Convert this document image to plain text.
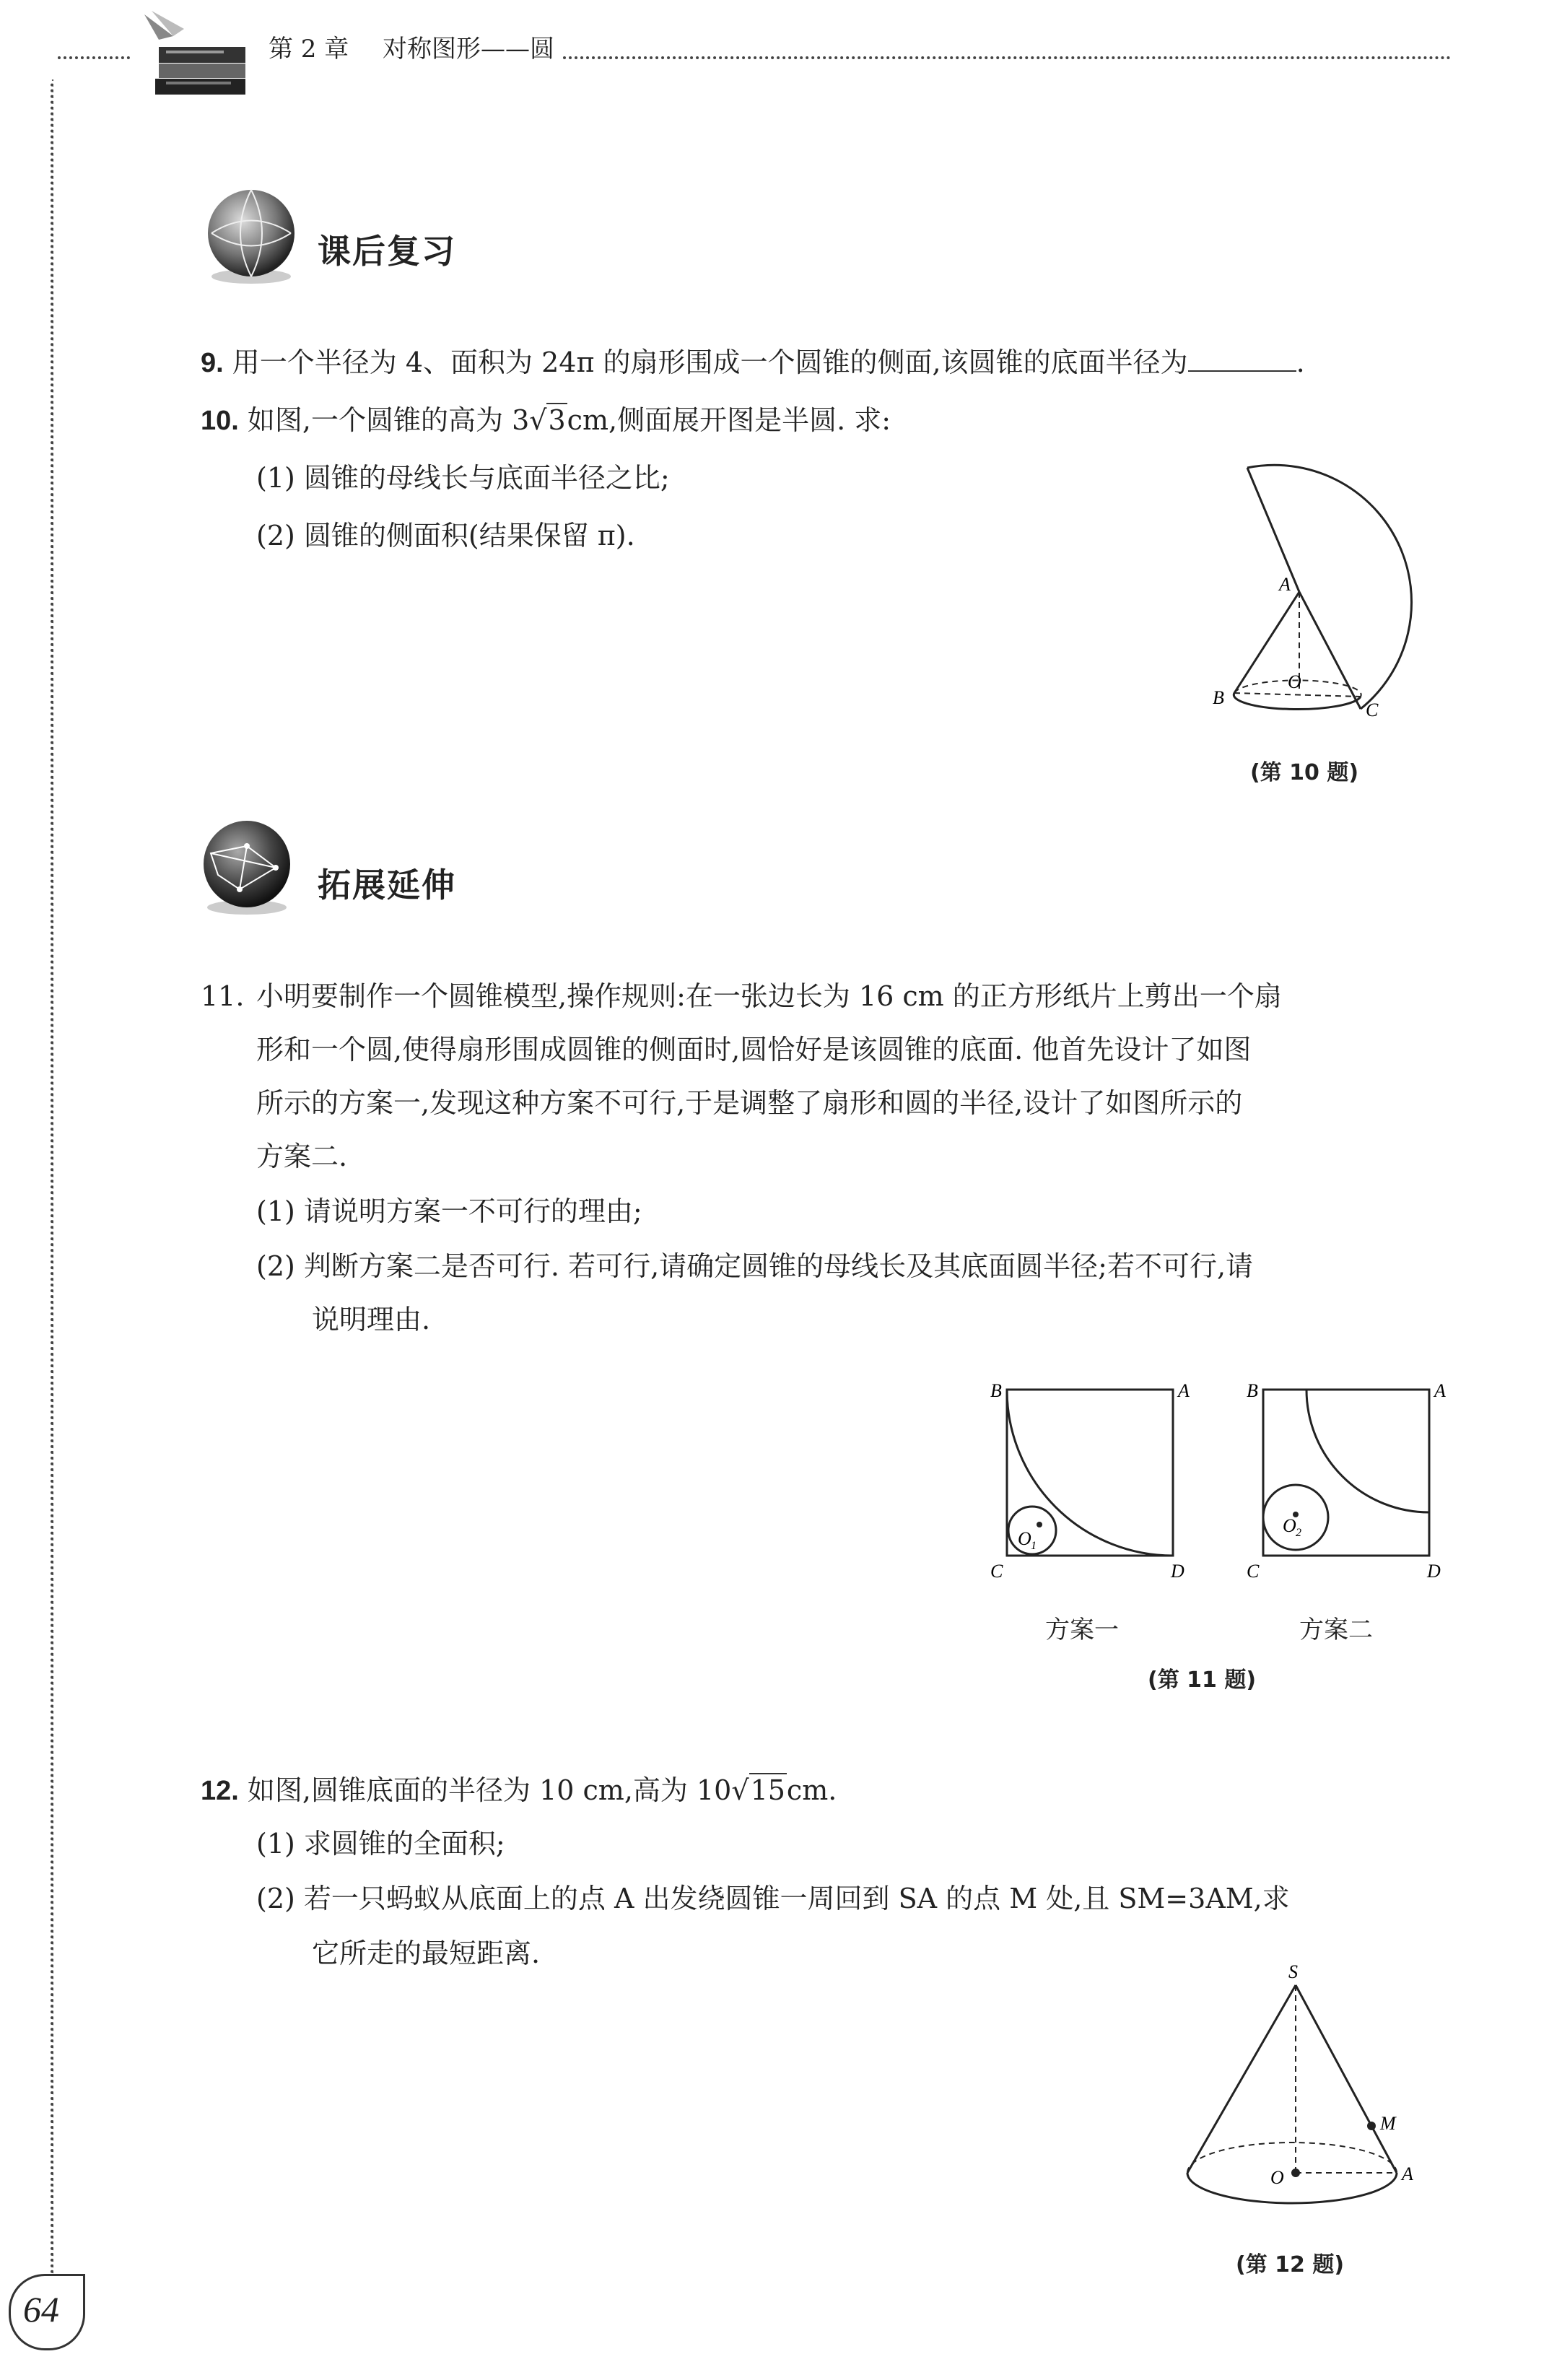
第 2 章 对称图形——圆
课后复习
9. 用一个半径为 4、面积为 24π 的扇形围成一个圆锥的侧面,该圆锥的底面半径为	.
10. 如图,一个圆锥的高为 3√3cm,侧面展开图是半圆. 求:
(1) 圆锥的母线长与底面半径之比;
(2) 圆锥的侧面积(结果保留 π).
A
B
C
O
(第 10 题)
拓展延伸
11. 小明要制作一个圆锥模型,操作规则:在一张边长为 16 cm 的正方形纸片上剪出一个扇
形和一个圆,使得扇形围成圆锥的侧面时,圆恰好是该圆锥的底面. 他首先设计了如图
所示的方案一,发现这种方案不可行,于是调整了扇形和圆的半径,设计了如图所示的
方案二.
(1) 请说明方案一不可行的理由;
(2) 判断方案二是否可行. 若可行,请确定圆锥的母线长及其底面圆半径;若不可行,请
说明理由.
B	A
C	D
O 1
B	A
C	D
O 2
方案一	方案二
(第 11 题)
12. 如图,圆锥底面的半径为 10 cm,高为 10√15cm.
(1) 求圆锥的全面积;
(2) 若一只蚂蚁从底面上的点 A 出发绕圆锥一周回到 SA 的点 M 处,且 SM=3AM,求
它所走的最短距离.
S
M
O	A
(第 12 题)
64
